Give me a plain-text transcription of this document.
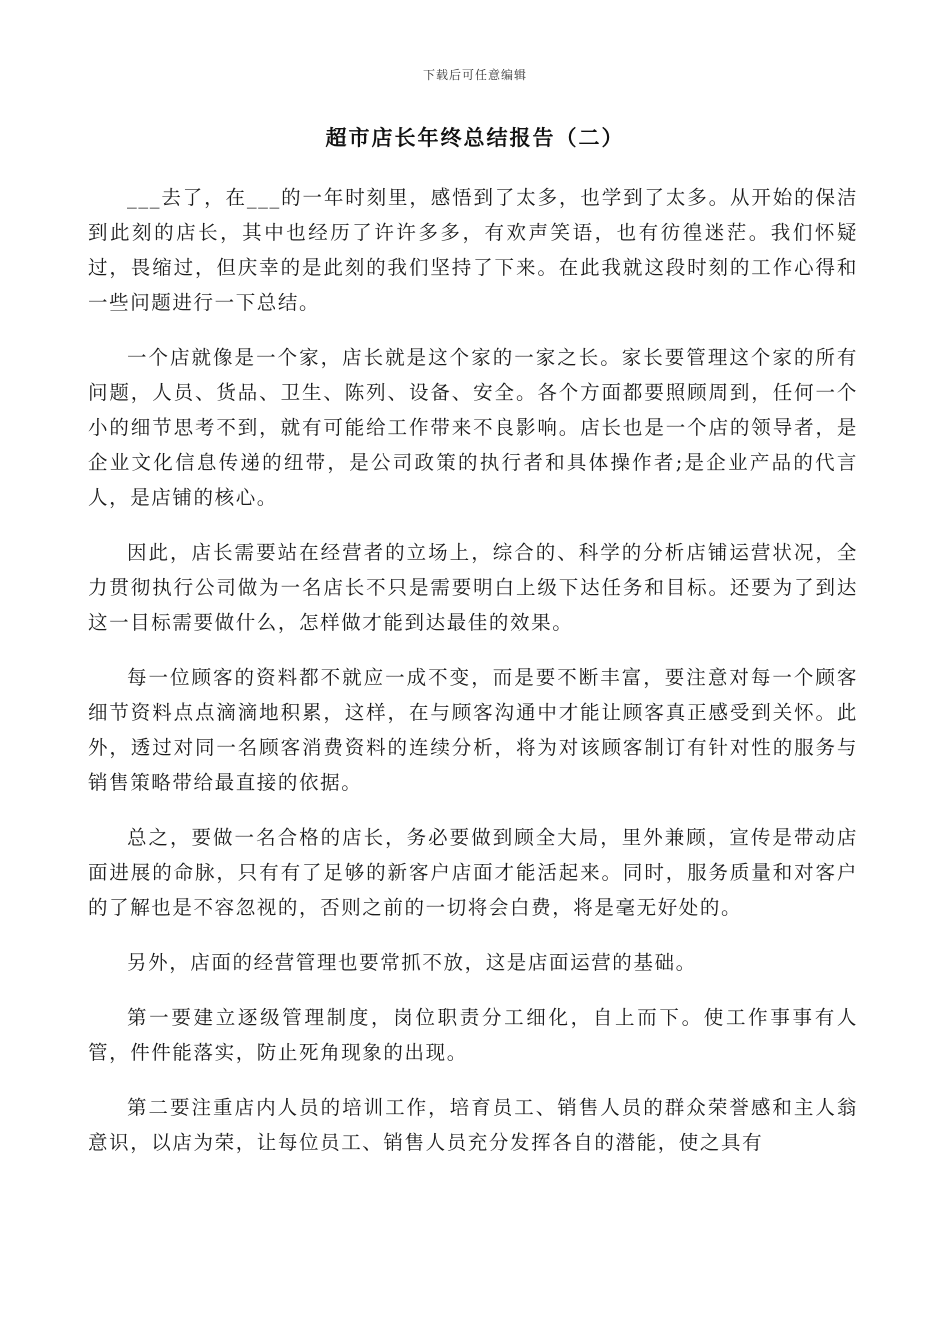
下载后可任意编辑
超市店长年终总结报告（二）

___去了，在___的一年时刻里，感悟到了太多，也学到了太多。从开始的保洁到此刻的店长，其中也经历了许许多多，有欢声笑语，也有彷徨迷茫。我们怀疑过，畏缩过，但庆幸的是此刻的我们坚持了下来。在此我就这段时刻的工作心得和一些问题进行一下总结。

一个店就像是一个家，店长就是这个家的一家之长。家长要管理这个家的所有问题，人员、货品、卫生、陈列、设备、安全。各个方面都要照顾周到，任何一个小的细节思考不到，就有可能给工作带来不良影响。店长也是一个店的领导者，是企业文化信息传递的纽带，是公司政策的执行者和具体操作者;是企业产品的代言人，是店铺的核心。

因此，店长需要站在经营者的立场上，综合的、科学的分析店铺运营状况，全力贯彻执行公司做为一名店长不只是需要明白上级下达任务和目标。还要为了到达这一目标需要做什么，怎样做才能到达最佳的效果。

每一位顾客的资料都不就应一成不变，而是要不断丰富，要注意对每一个顾客细节资料点点滴滴地积累，这样，在与顾客沟通中才能让顾客真正感受到关怀。此外，透过对同一名顾客消费资料的连续分析，将为对该顾客制订有针对性的服务与销售策略带给最直接的依据。

总之，要做一名合格的店长，务必要做到顾全大局，里外兼顾，宣传是带动店面进展的命脉，只有有了足够的新客户店面才能活起来。同时，服务质量和对客户的了解也是不容忽视的，否则之前的一切将会白费，将是毫无好处的。

另外，店面的经营管理也要常抓不放，这是店面运营的基础。

第一要建立逐级管理制度，岗位职责分工细化，自上而下。使工作事事有人管，件件能落实，防止死角现象的出现。

第二要注重店内人员的培训工作，培育员工、销售人员的群众荣誉感和主人翁意识，以店为荣，让每位员工、销售人员充分发挥各自的潜能，使之具有
